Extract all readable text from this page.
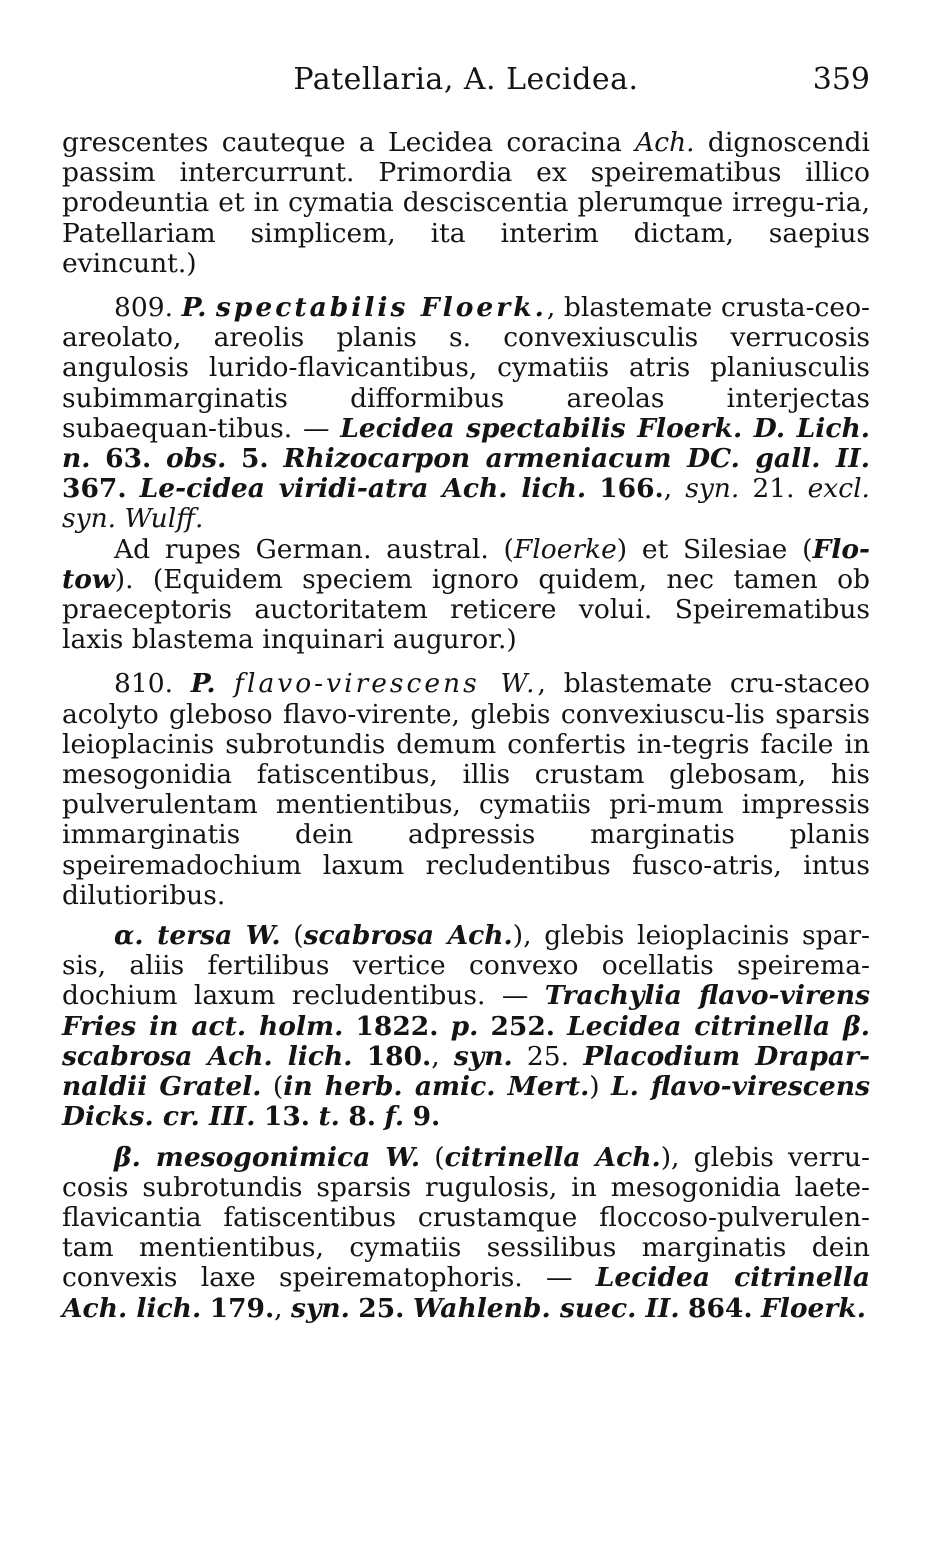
Patellaria, A. Lecidea.	359

grescentes cauteque a Lecidea coracina Ach. dignoscendi passim intercurrunt. Primordia ex speirematibus illico prodeuntia et in cymatia desciscentia plerumque irregu-ria, Patellariam simplicem, ita interim dictam, saepius evincunt.)

809. P. spectabilis Floerk., blastemate crusta-ceo-areolato, areolis planis s. convexiusculis verrucosis angulosis lurido-flavicantibus, cymatiis atris planiusculis subimmarginatis difformibus areolas interjectas subaequan-tibus. — Lecidea spectabilis Floerk. D. Lich. n. 63. obs. 5. Rhizocarpon armeniacum DC. gall. II. 367. Le-cidea viridi-atra Ach. lich. 166., syn. 21. excl. syn. Wulff.

Ad rupes German. austral. (Floerke) et Silesiae (Flo-tow). (Equidem speciem ignoro quidem, nec tamen ob praeceptoris auctoritatem reticere volui. Speirematibus laxis blastema inquinari auguror.)

810. P. flavo-virescens W., blastemate cru-staceo acolyto gleboso flavo-virente, glebis convexiuscu-lis sparsis leioplacinis subrotundis demum confertis in-tegris facile in mesogonidia fatiscentibus, illis crustam glebosam, his pulverulentam mentientibus, cymatiis pri-mum impressis immarginatis dein adpressis marginatis planis speiremadochium laxum recludentibus fusco-atris, intus dilutioribus.

α. tersa W. (scabrosa Ach.), glebis leioplacinis spar-sis, aliis fertilibus vertice convexo ocellatis speirema-dochium laxum recludentibus. — Trachylia flavo-virens Fries in act. holm. 1822. p. 252. Lecidea citrinella β. scabrosa Ach. lich. 180., syn. 25. Placodium Drapar-naldii Gratel. (in herb. amic. Mert.) L. flavo-virescens Dicks. cr. III. 13. t. 8. f. 9.

β. mesogonimica W. (citrinella Ach.), glebis verru-cosis subrotundis sparsis rugulosis, in mesogonidia laete-flavicantia fatiscentibus crustamque floccoso-pulverulen-tam mentientibus, cymatiis sessilibus marginatis dein convexis laxe speirematophoris. — Lecidea citrinella Ach. lich. 179., syn. 25. Wahlenb. suec. II. 864. Floerk.
